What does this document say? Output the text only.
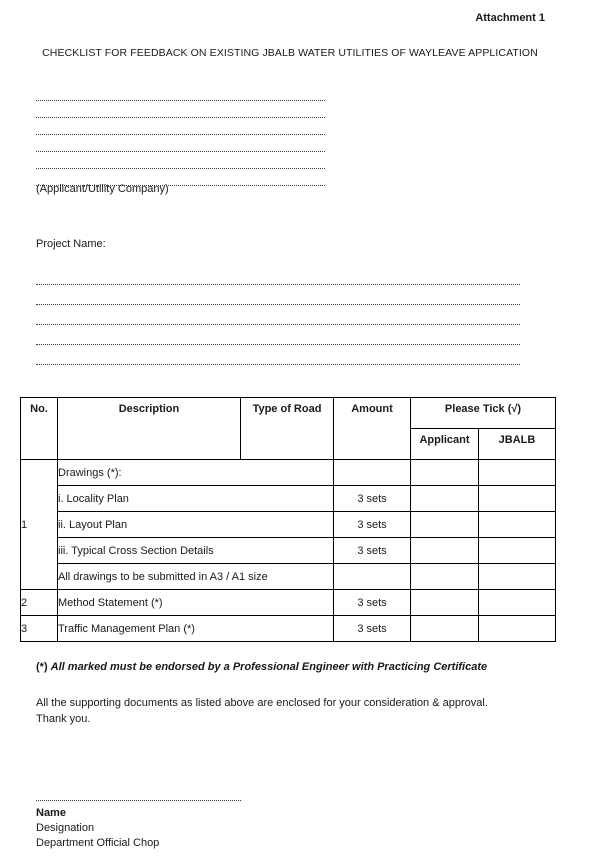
Attachment 1
CHECKLIST FOR FEEDBACK ON EXISTING JBALB WATER UTILITIES OF WAYLEAVE APPLICATION
(Applicant/Utility Company)
Project Name:
No.	Description	Type of Road	Amount	Please Tick (√)	
				Applicant	JBALB
1	Drawings (*):				
	i. Locality Plan		3 sets		
	ii. Layout Plan		3 sets		
	iii. Typical Cross Section Details		3 sets		
	All drawings to be submitted in A3 / A1 size				
2	Method Statement (*)		3 sets		
3	Traffic Management Plan (*)		3 sets		
(*) All marked must be endorsed by a Professional Engineer with Practicing Certificate
All the supporting documents as listed above are enclosed for your consideration & approval.
Thank you.
Name
Designation
Department Official Chop
